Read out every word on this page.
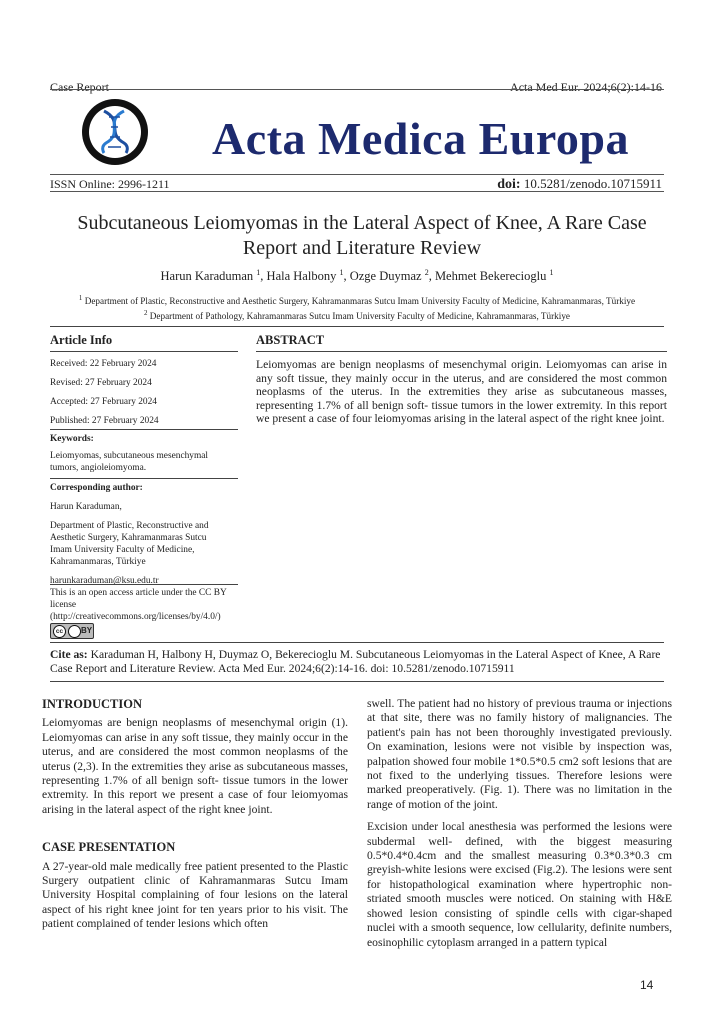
Case Report	Acta Med Eur. 2024;6(2):14-16
Acta Medica Europa
ISSN Online: 2996-1211	doi: 10.5281/zenodo.10715911
Subcutaneous Leiomyomas in the Lateral Aspect of Knee, A Rare Case
Report and Literature Review
Harun Karaduman $^1$, Hala Halbony $^1$, Ozge Duymaz $^2$, Mehmet Bekerecioglu $^1$
$^1$ Department of Plastic, Reconstructive and Aesthetic Surgery, Kahramanmaras Sutcu Imam University Faculty of Medicine, Kahramanmaras, Türkiye
$^2$ Department of Pathology, Kahramanmaras Sutcu Imam University Faculty of Medicine, Kahramanmaras, Türkiye
Article Info	ABSTRACT
Received: 22 February 2024
Revised: 27 February 2024
Accepted: 27 February 2024
Published: 27 February 2024
Keywords:
Leiomyomas, subcutaneous mesenchymal tumors, angioleiomyoma.
Corresponding author:
Harun Karaduman,
Department of Plastic, Reconstructive and Aesthetic Surgery, Kahramanmaras Sutcu Imam University Faculty of Medicine, Kahramanmaras, Türkiye
harunkaraduman@ksu.edu.tr
This is an open access article under the CC BY license (http://creativecommons.org/licenses/by/4.0/)
cc	BY
Leiomyomas are benign neoplasms of mesenchymal origin. Leiomyomas can arise in any soft tissue, they mainly occur in the uterus, and are considered the most common neoplasms of the uterus. In the extremities they arise as subcutaneous masses, representing 1.7% of all benign soft- tissue tumors in the lower extremity. In this report we present a case of four leiomyomas arising in the lateral aspect of the right knee joint.
Cite as: Karaduman H, Halbony H, Duymaz O, Bekerecioglu M. Subcutaneous Leiomyomas in the Lateral Aspect of Knee, A Rare Case Report and Literature Review. Acta Med Eur. 2024;6(2):14-16. doi: 10.5281/zenodo.10715911
INTRODUCTION
Leiomyomas are benign neoplasms of mesenchymal origin (1). Leiomyomas can arise in any soft tissue, they mainly occur in the uterus, and are considered the most common neoplasms of the uterus (2,3). In the extremities they arise as subcutaneous masses, representing 1.7% of all benign soft- tissue tumors in the lower extremity. In this report we present a case of four leiomyomas arising in the lateral aspect of the right knee joint.
CASE PRESENTATION
A 27-year-old male medically free patient presented to the Plastic Surgery outpatient clinic of Kahramanmaras Sutcu Imam University Hospital complaining of four lesions on the lateral aspect of his right knee joint for ten years prior to his visit. The patient complained of tender lesions which often
swell. The patient had no history of previous trauma or injections at that site, there was no family history of malignancies. The patient's pain has not been thoroughly investigated previously. On examination, lesions were not visible by inspection was, palpation showed four mobile 1*0.5*0.5 cm2 soft lesions that are not fixed to the underlying tissues. Therefore lesions were marked preoperatively. (Fig. 1). There was no limitation in the range of motion of the joint.
Excision under local anesthesia was performed the lesions were subdermal well- defined, with the biggest measuring 0.5*0.4*0.4cm and the smallest measuring 0.3*0.3*0.3 cm greyish-white lesions were excised (Fig.2). The lesions were sent for histopathological examination where hypertrophic non-striated smooth muscles were noticed. On staining with H&E showed lesion consisting of spindle cells with cigar-shaped nuclei with a smooth sequence, low cellularity, definite numbers, eosinophilic cytoplasm arranged in a pattern typical
14
